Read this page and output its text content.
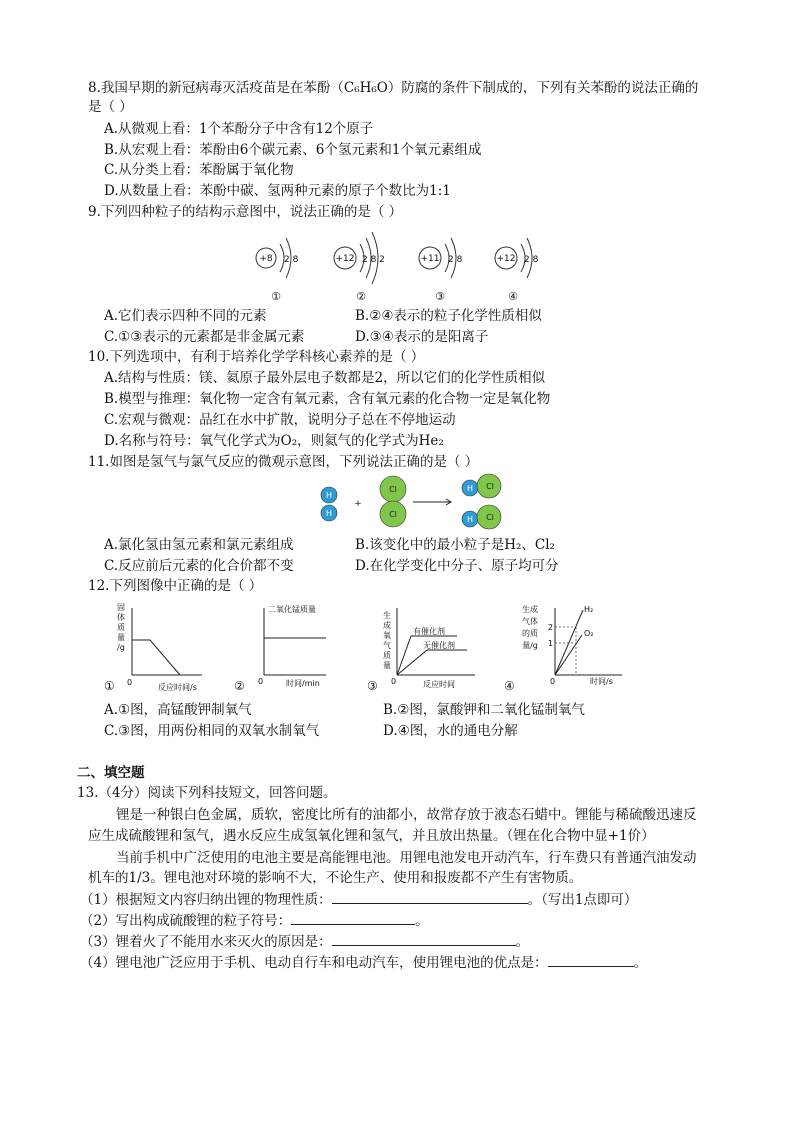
8.我国早期的新冠病毒灭活疫苗是在苯酚（C₆H₆O）防腐的条件下制成的，下列有关苯酚的说法正确的
是（ ）
A.从微观上看：1个苯酚分子中含有12个原子
B.从宏观上看：苯酚由6个碳元素、6个氢元素和1个氧元素组成
C.从分类上看：苯酚属于氧化物
D.从数量上看：苯酚中碳、氢两种元素的原子个数比为1:1
9.下列四种粒子的结构示意图中，说法正确的是（ ）
+8 2 8	+12 2 8 2	+11 2 8	+12 2 8
①	②	③	④
A.它们表示四种不同的元素	B.②④表示的粒子化学性质相似
C.①③表示的元素都是非金属元素	D.③④表示的是阳离子
10.下列选项中，有利于培养化学学科核心素养的是（ ）
A.结构与性质：镁、氦原子最外层电子数都是2，所以它们的化学性质相似
B.模型与推理：氧化物一定含有氧元素，含有氧元素的化合物一定是氧化物
C.宏观与微观：品红在水中扩散，说明分子总在不停地运动
D.名称与符号：氧气化学式为O₂，则氦气的化学式为He₂
11.如图是氢气与氯气反应的微观示意图，下列说法正确的是（ ）
H
H
H
H
Cl
Cl
Cl
Cl
+
A.氯化氢由氢元素和氯元素组成	B.该变化中的最小粒子是H₂、Cl₂
C.反应前后元素的化合价都不变	D.在化学变化中分子、原子均可分
12.下列图像中正确的是（ ）
固
体
质
量
/g
0
反应时间/s
①
二氧化锰质量
0	时间/min
②
生
成
氧
气
质
量
有催化剂
无催化剂
0	反应时间
③
生成
气体
的质
量/g
2
1
H₂
O₂
0	时间/s
④
A.①图，高锰酸钾制氧气	B.②图，氯酸钾和二氧化锰制氧气
C.③图，用两份相同的双氧水制氧气	D.④图，水的通电分解
二、填空题
13.（4分）阅读下列科技短文，回答问题。
锂是一种银白色金属，质软，密度比所有的油都小，故常存放于液态石蜡中。锂能与稀硫酸迅速反
应生成硫酸锂和氢气，遇水反应生成氢氧化锂和氢气，并且放出热量。（锂在化合物中显+1价）
当前手机中广泛使用的电池主要是高能锂电池。用锂电池发电开动汽车，行车费只有普通汽油发动
机车的1/3。锂电池对环境的影响不大，不论生产、使用和报废都不产生有害物质。
（1）根据短文内容归纳出锂的物理性质：	。（写出1点即可）
（2）写出构成硫酸锂的粒子符号：	。
（3）锂着火了不能用水来灭火的原因是：	。
（4）锂电池广泛应用于手机、电动自行车和电动汽车，使用锂电池的优点是：	。
